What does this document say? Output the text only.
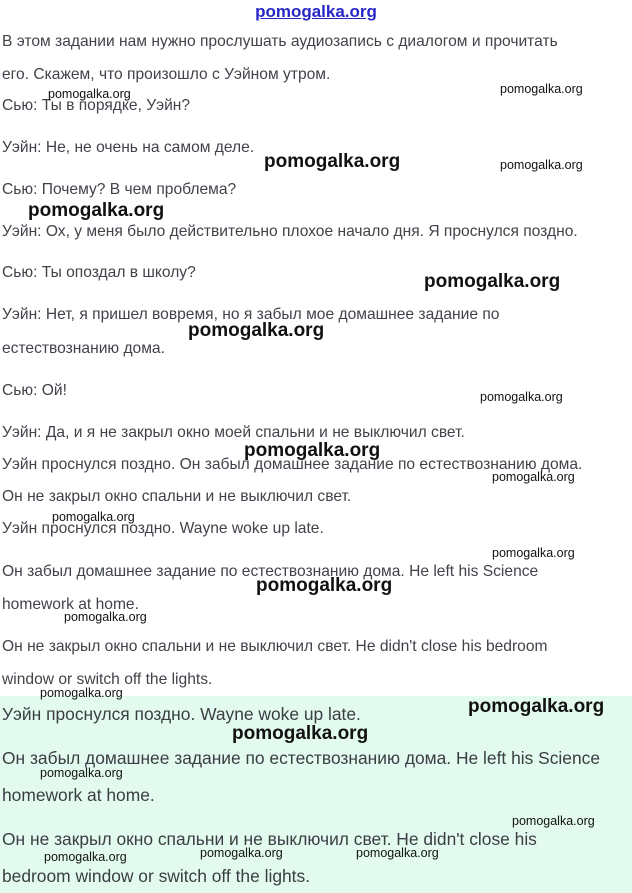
pomogalka.org
В этом задании нам нужно прослушать аудиозапись с диалогом и прочитать
его. Скажем, что произошло с Уэйном утром.
Сью: Ты в порядке, Уэйн?
Уэйн: Не, не очень на самом деле.
Сью: Почему? В чем проблема?
Уэйн: Ох, у меня было действительно плохое начало дня. Я проснулся поздно.
Сью: Ты опоздал в школу?
Уэйн: Нет, я пришел вовремя, но я забыл мое домашнее задание по
естествознанию дома.
Сью: Ой!
Уэйн: Да, и я не закрыл окно моей спальни и не выключил свет.
Уэйн проснулся поздно. Он забыл домашнее задание по естествознанию дома.
Он не закрыл окно спальни и не выключил свет.
Уэйн проснулся поздно. Wayne woke up late.
Он забыл домашнее задание по естествознанию дома. He left his Science
homework at home.
Он не закрыл окно спальни и не выключил свет. He didn't close his bedroom
window or switch off the lights.
Уэйн проснулся поздно. Wayne woke up late.
Он забыл домашнее задание по естествознанию дома. He left his Science
homework at home.
Он не закрыл окно спальни и не выключил свет. He didn't close his
bedroom window or switch off the lights.
pomogalka.org	pomogalka.org
pomogalka.org	pomogalka.org
pomogalka.org
pomogalka.org
pomogalka.org
pomogalka.org
pomogalka.org
pomogalka.org
pomogalka.org
pomogalka.org
pomogalka.org
pomogalka.org
pomogalka.org
pomogalka.org
pomogalka.org
pomogalka.org
pomogalka.org
pomogalka.org	pomogalka.org	pomogalka.org
